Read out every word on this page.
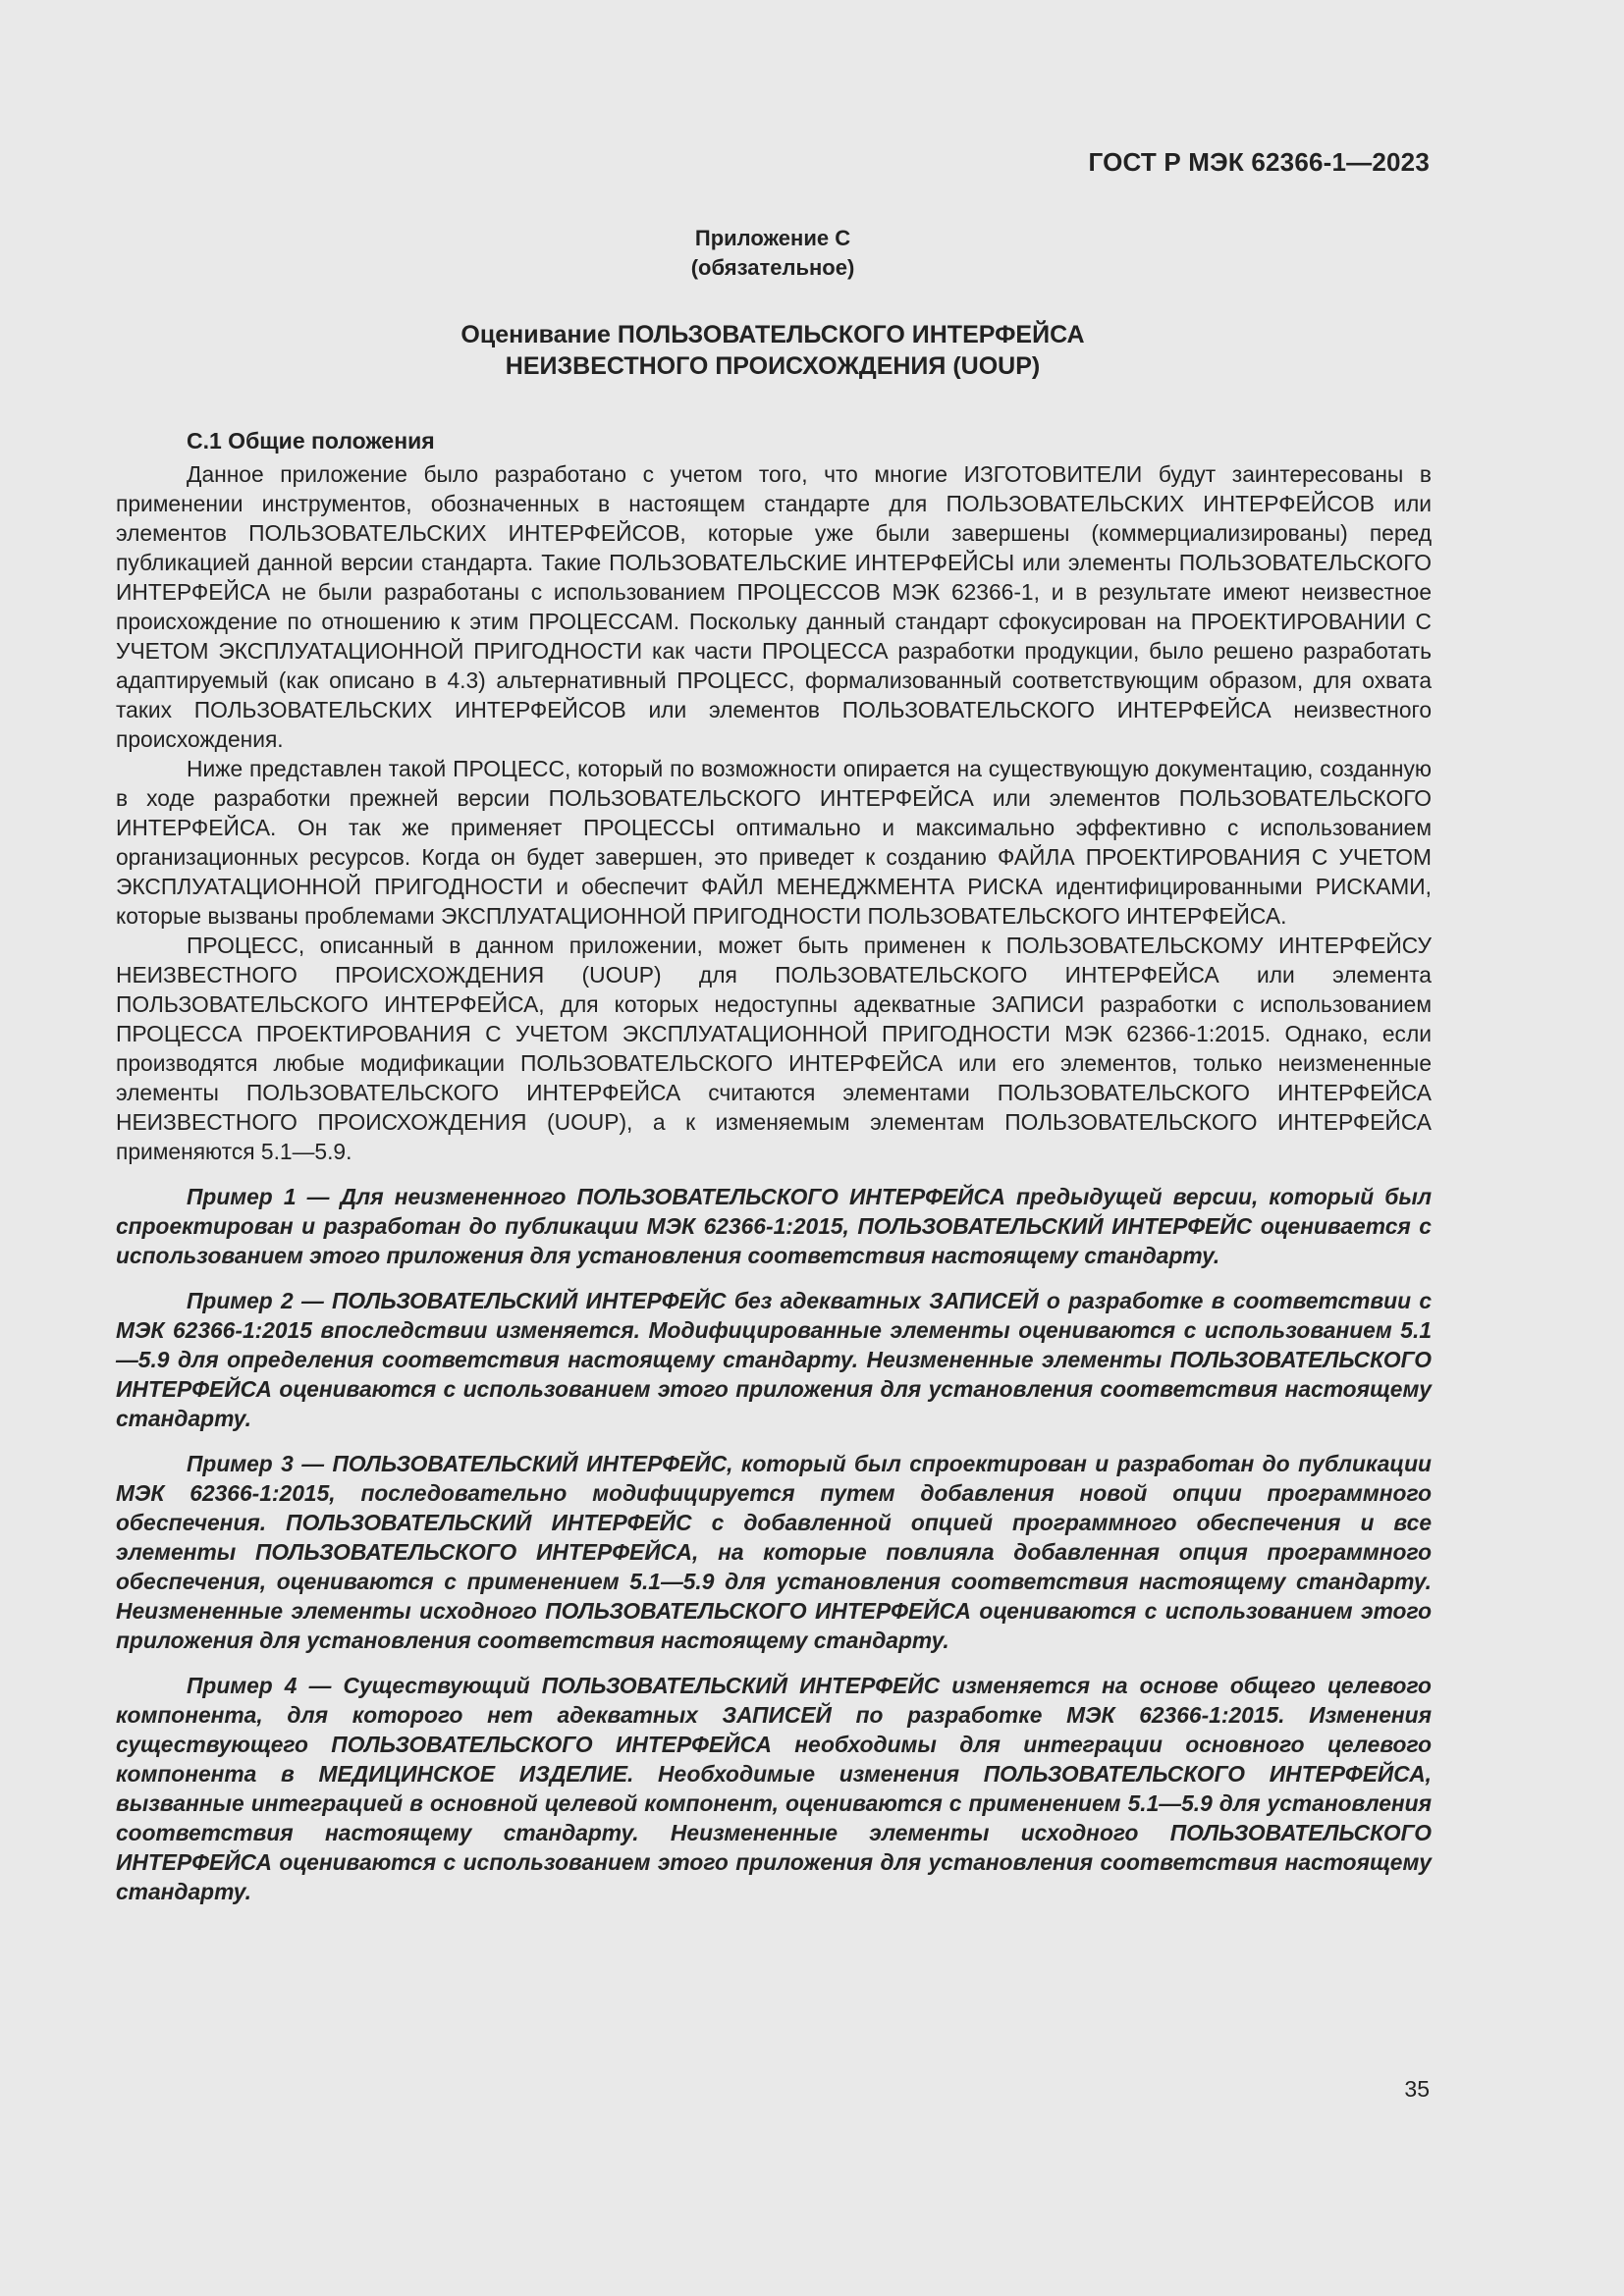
ГОСТ Р МЭК 62366-1—2023
Приложение С
(обязательное)
Оценивание ПОЛЬЗОВАТЕЛЬСКОГО ИНТЕРФЕЙСА
НЕИЗВЕСТНОГО ПРОИСХОЖДЕНИЯ (UOUP)
С.1 Общие положения

Данное приложение было разработано с учетом того, что многие ИЗГОТОВИТЕЛИ будут заинтересованы в применении инструментов, обозначенных в настоящем стандарте для ПОЛЬЗОВАТЕЛЬСКИХ ИНТЕРФЕЙСОВ или элементов ПОЛЬЗОВАТЕЛЬСКИХ ИНТЕРФЕЙСОВ, которые уже были завершены (коммерциализированы) перед публикацией данной версии стандарта. Такие ПОЛЬЗОВАТЕЛЬСКИЕ ИНТЕРФЕЙСЫ или элементы ПОЛЬЗОВАТЕЛЬСКОГО ИНТЕРФЕЙСА не были разработаны с использованием ПРОЦЕССОВ МЭК 62366-1, и в результате имеют неизвестное происхождение по отношению к этим ПРОЦЕССАМ. Поскольку данный стандарт сфокусирован на ПРОЕКТИРОВАНИИ С УЧЕТОМ ЭКСПЛУАТАЦИОННОЙ ПРИГОДНОСТИ как части ПРОЦЕССА разработки продукции, было решено разработать адаптируемый (как описано в 4.3) альтернативный ПРОЦЕСС, формализованный соответствующим образом, для охвата таких ПОЛЬЗОВАТЕЛЬСКИХ ИНТЕРФЕЙСОВ или элементов ПОЛЬЗОВАТЕЛЬСКОГО ИНТЕРФЕЙСА неизвестного происхождения.

Ниже представлен такой ПРОЦЕСС, который по возможности опирается на существующую документацию, созданную в ходе разработки прежней версии ПОЛЬЗОВАТЕЛЬСКОГО ИНТЕРФЕЙСА или элементов ПОЛЬЗОВАТЕЛЬСКОГО ИНТЕРФЕЙСА. Он так же применяет ПРОЦЕССЫ оптимально и максимально эффективно с использованием организационных ресурсов. Когда он будет завершен, это приведет к созданию ФАЙЛА ПРОЕКТИРОВАНИЯ С УЧЕТОМ ЭКСПЛУАТАЦИОННОЙ ПРИГОДНОСТИ и обеспечит ФАЙЛ МЕНЕДЖМЕНТА РИСКА идентифицированными РИСКАМИ, которые вызваны проблемами ЭКСПЛУАТАЦИОННОЙ ПРИГОДНОСТИ ПОЛЬЗОВАТЕЛЬСКОГО ИНТЕРФЕЙСА.

ПРОЦЕСС, описанный в данном приложении, может быть применен к ПОЛЬЗОВАТЕЛЬСКОМУ ИНТЕРФЕЙСУ НЕИЗВЕСТНОГО ПРОИСХОЖДЕНИЯ (UOUP) для ПОЛЬЗОВАТЕЛЬСКОГО ИНТЕРФЕЙСА или элемента ПОЛЬЗОВАТЕЛЬСКОГО ИНТЕРФЕЙСА, для которых недоступны адекватные ЗАПИСИ разработки с использованием ПРОЦЕССА ПРОЕКТИРОВАНИЯ С УЧЕТОМ ЭКСПЛУАТАЦИОННОЙ ПРИГОДНОСТИ МЭК 62366-1:2015. Однако, если производятся любые модификации ПОЛЬЗОВАТЕЛЬСКОГО ИНТЕРФЕЙСА или его элементов, только неизмененные элементы ПОЛЬЗОВАТЕЛЬСКОГО ИНТЕРФЕЙСА считаются элементами ПОЛЬЗОВАТЕЛЬСКОГО ИНТЕРФЕЙСА НЕИЗВЕСТНОГО ПРОИСХОЖДЕНИЯ (UOUP), а к изменяемым элементам ПОЛЬЗОВАТЕЛЬСКОГО ИНТЕРФЕЙСА применяются 5.1—5.9.

Пример 1 — Для неизмененного ПОЛЬЗОВАТЕЛЬСКОГО ИНТЕРФЕЙСА предыдущей версии, который был спроектирован и разработан до публикации МЭК 62366-1:2015, ПОЛЬЗОВАТЕЛЬСКИЙ ИНТЕРФЕЙС оценивается с использованием этого приложения для установления соответствия настоящему стандарту.

Пример 2 — ПОЛЬЗОВАТЕЛЬСКИЙ ИНТЕРФЕЙС без адекватных ЗАПИСЕЙ о разработке в соответствии с МЭК 62366-1:2015 впоследствии изменяется. Модифицированные элементы оцениваются с использованием 5.1—5.9 для определения соответствия настоящему стандарту. Неизмененные элементы ПОЛЬЗОВАТЕЛЬСКОГО ИНТЕРФЕЙСА оцениваются с использованием этого приложения для установления соответствия настоящему стандарту.

Пример 3 — ПОЛЬЗОВАТЕЛЬСКИЙ ИНТЕРФЕЙС, который был спроектирован и разработан до публикации МЭК 62366-1:2015, последовательно модифицируется путем добавления новой опции программного обеспечения. ПОЛЬЗОВАТЕЛЬСКИЙ ИНТЕРФЕЙС с добавленной опцией программного обеспечения и все элементы ПОЛЬЗОВАТЕЛЬСКОГО ИНТЕРФЕЙСА, на которые повлияла добавленная опция программного обеспечения, оцениваются с применением 5.1—5.9 для установления соответствия настоящему стандарту. Неизмененные элементы исходного ПОЛЬЗОВАТЕЛЬСКОГО ИНТЕРФЕЙСА оцениваются с использованием этого приложения для установления соответствия настоящему стандарту.

Пример 4 — Существующий ПОЛЬЗОВАТЕЛЬСКИЙ ИНТЕРФЕЙС изменяется на основе общего целевого компонента, для которого нет адекватных ЗАПИСЕЙ по разработке МЭК 62366-1:2015. Изменения существующего ПОЛЬЗОВАТЕЛЬСКОГО ИНТЕРФЕЙСА необходимы для интеграции основного целевого компонента в МЕДИЦИНСКОЕ ИЗДЕЛИЕ. Необходимые изменения ПОЛЬЗОВАТЕЛЬСКОГО ИНТЕРФЕЙСА, вызванные интеграцией в основной целевой компонент, оцениваются с применением 5.1—5.9 для установления соответствия настоящему стандарту. Неизмененные элементы исходного ПОЛЬЗОВАТЕЛЬСКОГО ИНТЕРФЕЙСА оцениваются с использованием этого приложения для установления соответствия настоящему стандарту.

35
